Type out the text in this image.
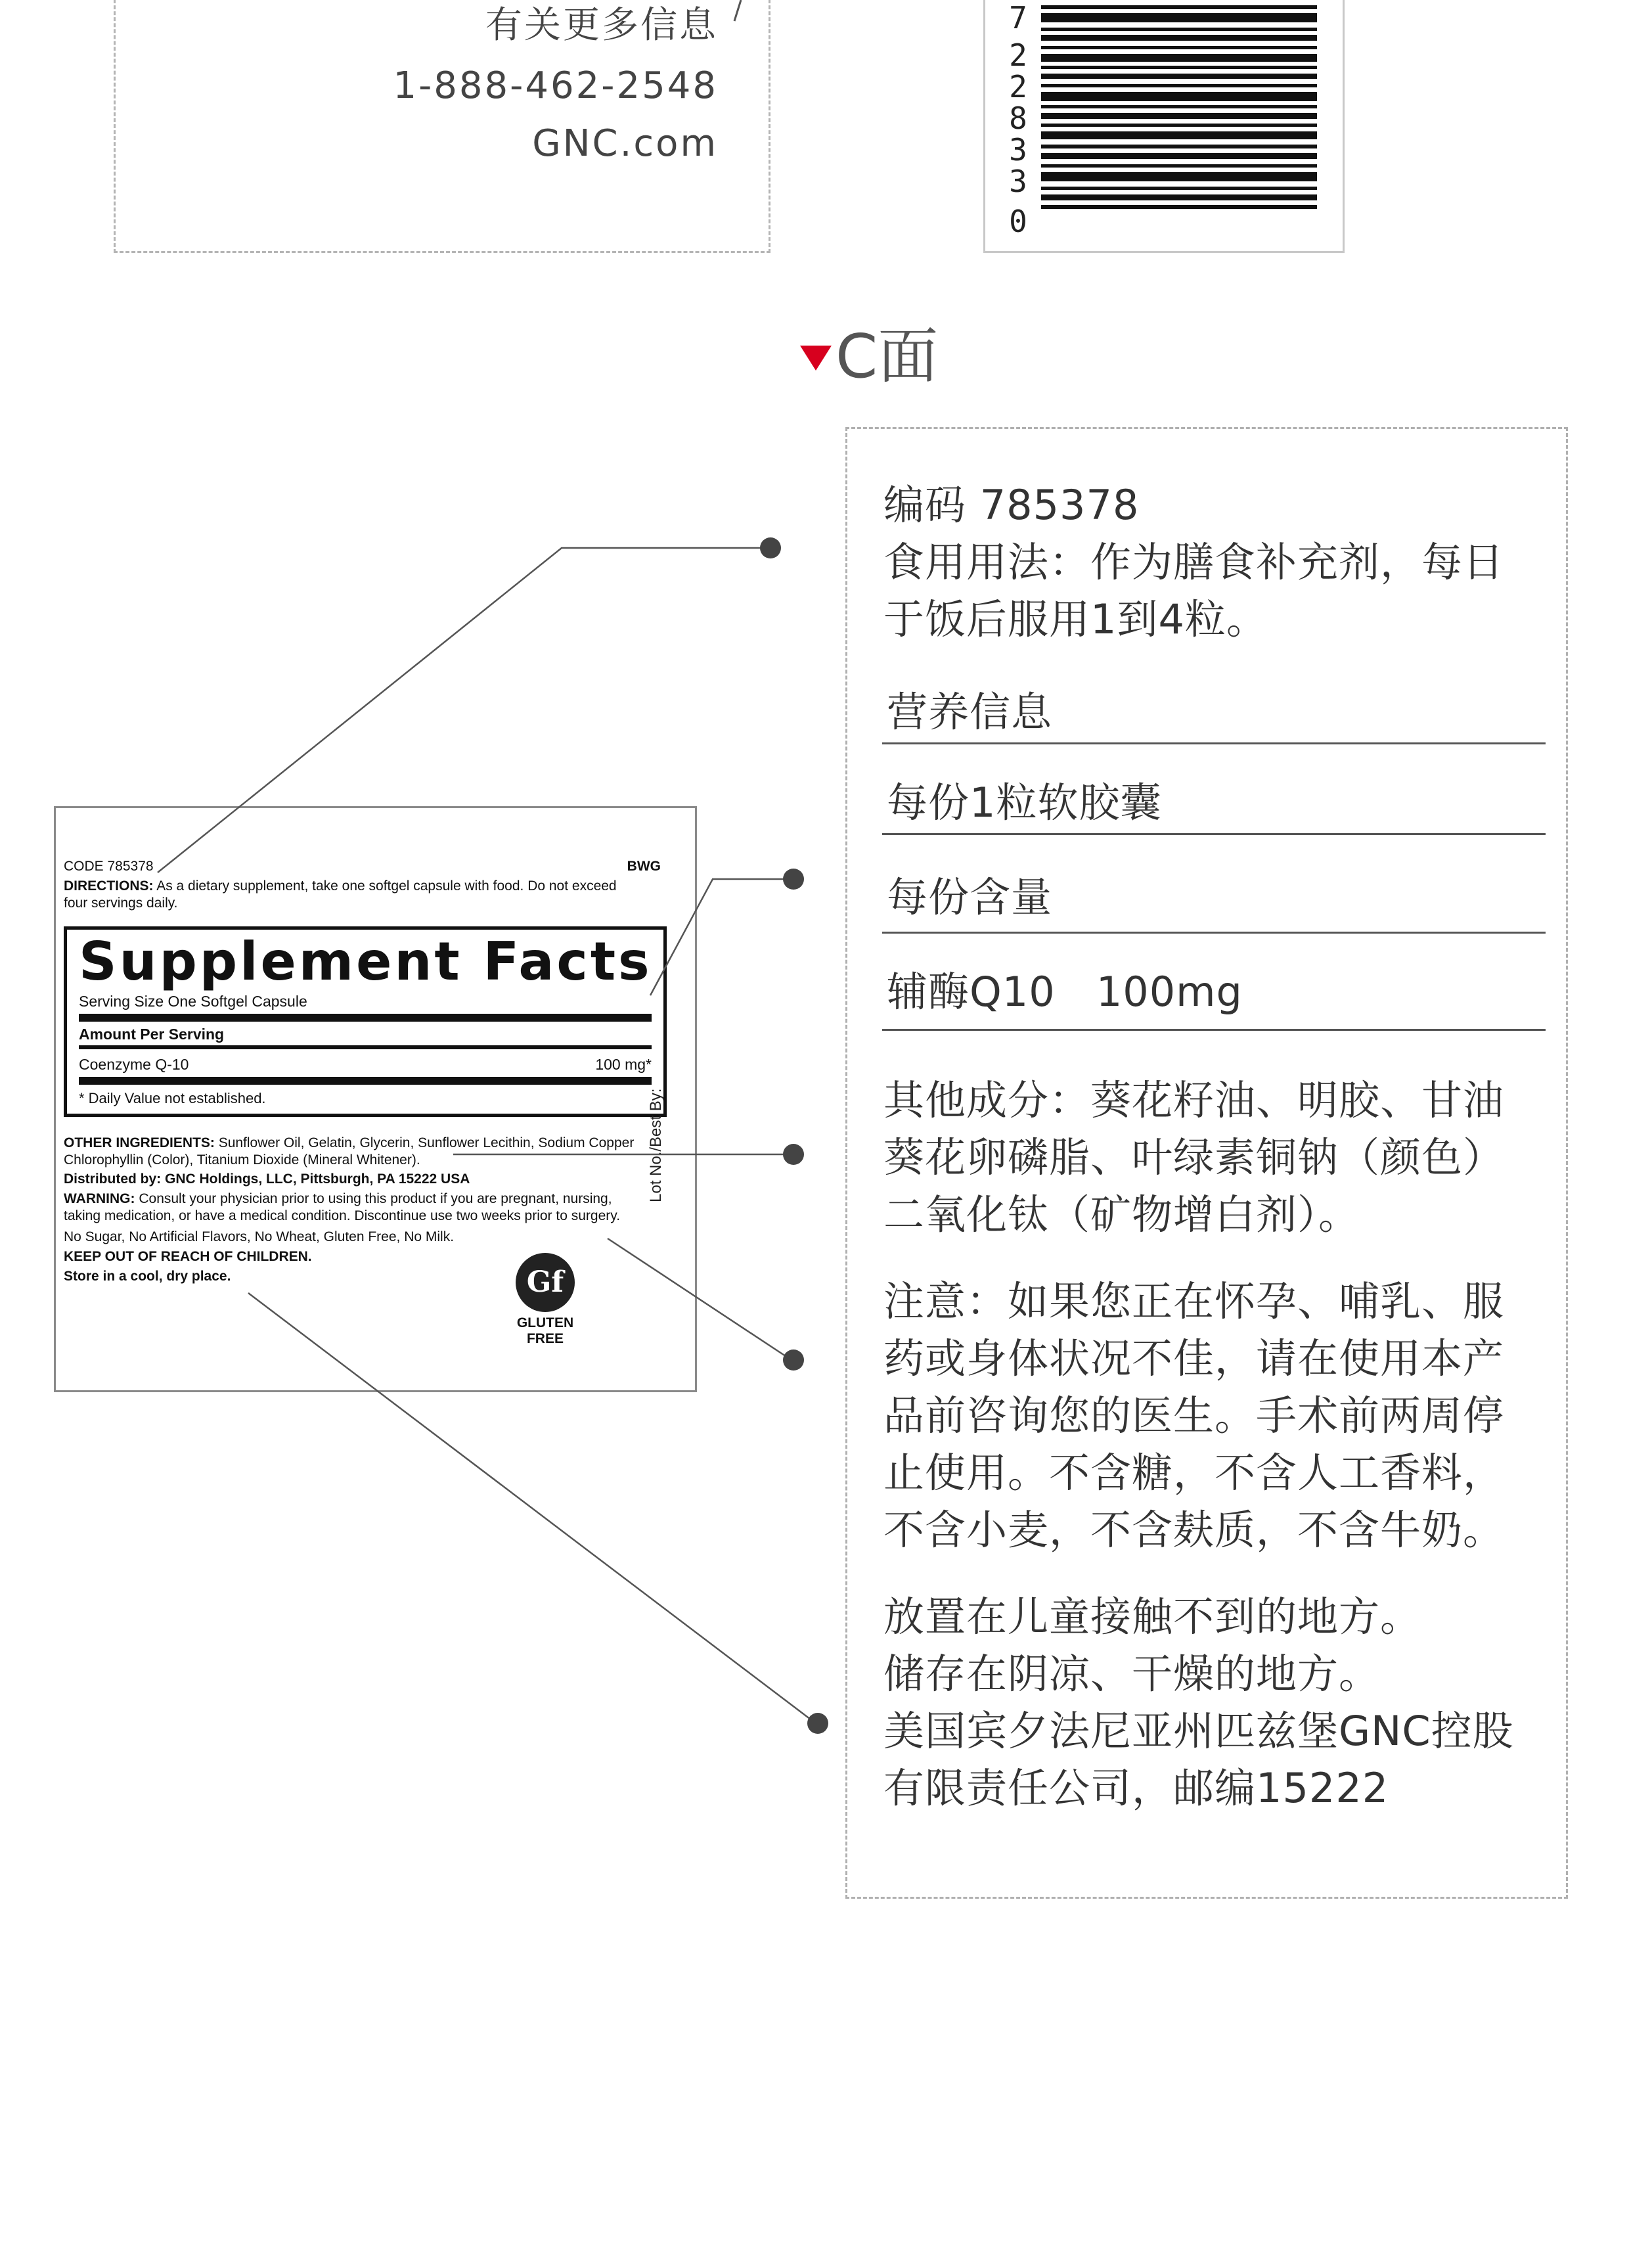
有关更多信息
1-888-462-2548
GNC.com
7
22833
0
C面
CODE 785378	BWG
DIRECTIONS: As a dietary supplement, take one softgel capsule with food. Do not exceed
four servings daily.
Supplement Facts
Serving Size One Softgel Capsule
Amount Per Serving
Coenzyme Q-10	100 mg*
* Daily Value not established.
OTHER INGREDIENTS: Sunflower Oil, Gelatin, Glycerin, Sunflower Lecithin, Sodium Copper
Chlorophyllin (Color), Titanium Dioxide (Mineral Whitener).
Distributed by: GNC Holdings, LLC, Pittsburgh, PA 15222 USA
WARNING: Consult your physician prior to using this product if you are pregnant, nursing,
taking medication, or have a medical condition. Discontinue use two weeks prior to surgery.
No Sugar, No Artificial Flavors, No Wheat, Gluten Free, No Milk.
KEEP OUT OF REACH OF CHILDREN.
Store in a cool, dry place.	Gf
GLUTEN FREE
Lot No./Best By:
编码 785378
食用用法：作为膳食补充剂，每日
于饭后服用1到4粒。
营养信息
每份1粒软胶囊
每份含量
辅酶Q10   100mg
其他成分：葵花籽油、明胶、甘油
葵花卵磷脂、叶绿素铜钠（颜色）
二氧化钛（矿物增白剂）。
注意：如果您正在怀孕、哺乳、服
药或身体状况不佳，请在使用本产
品前咨询您的医生。手术前两周停
止使用。不含糖，不含人工香料，
不含小麦，不含麸质，不含牛奶。
放置在儿童接触不到的地方。
储存在阴凉、干燥的地方。
美国宾夕法尼亚州匹兹堡GNC控股
有限责任公司，邮编15222
